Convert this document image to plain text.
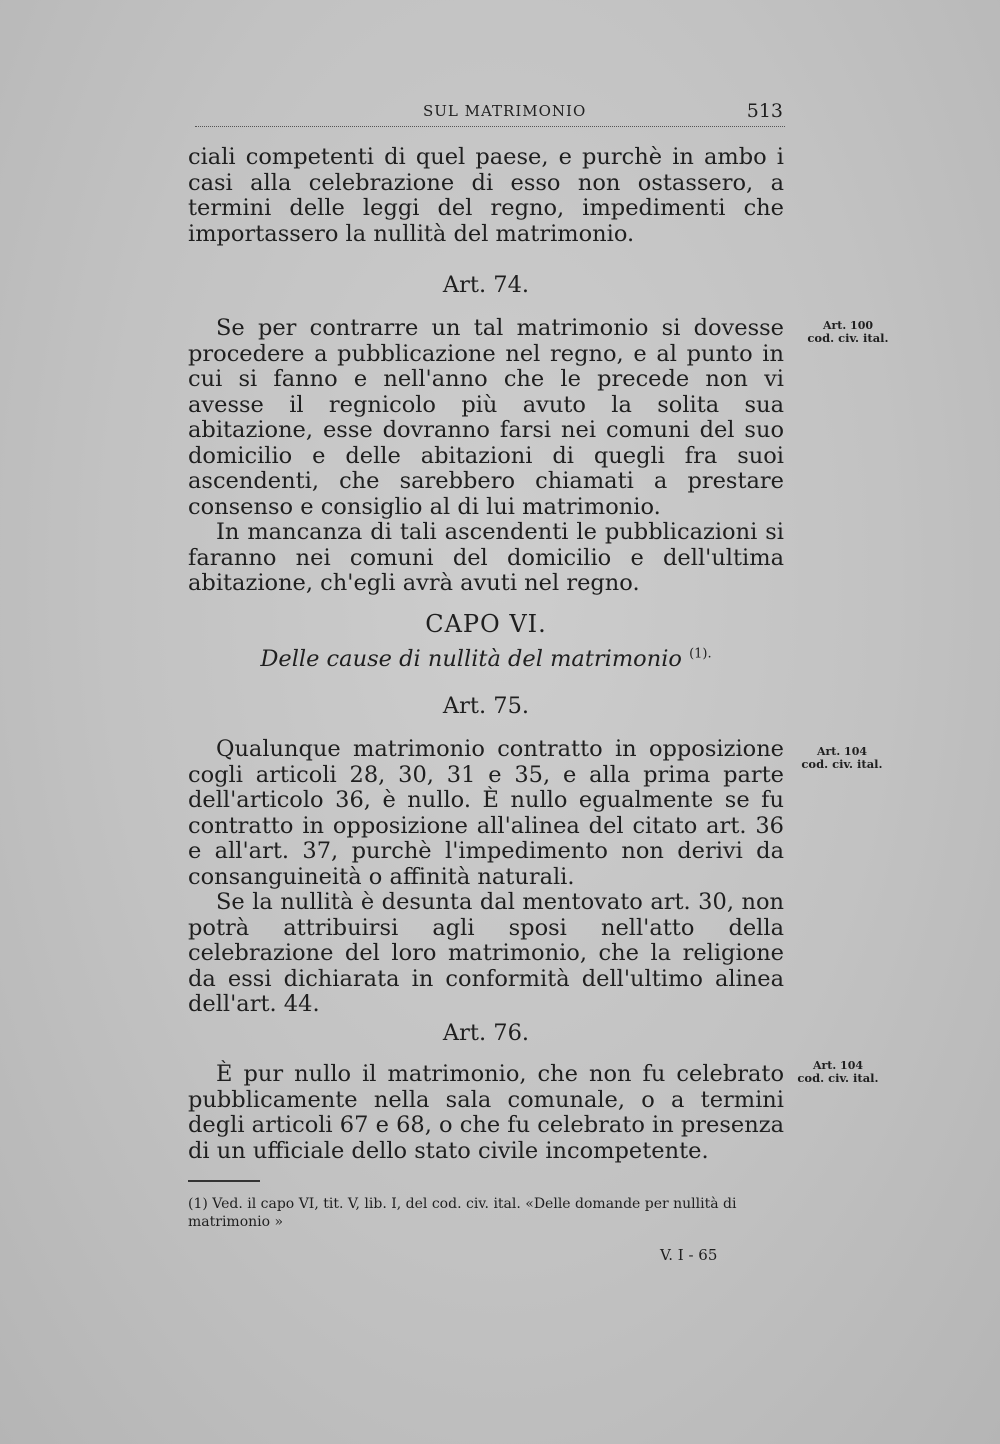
SUL MATRIMONIO	513

ciali competenti di quel paese, e purchè in ambo i casi alla celebrazione di esso non ostassero, a termini delle leggi del regno, impedimenti che importassero la nullità del matrimonio.

Art. 74.
Art. 100
cod. civ. ital.

Se per contrarre un tal matrimonio si dovesse procedere a pubblicazione nel regno, e al punto in cui si fanno e nell'anno che le precede non vi avesse il regnicolo più avuto la solita sua abitazione, esse dovranno farsi nei comuni del suo domicilio e delle abitazioni di quegli fra suoi ascendenti, che sarebbero chiamati a prestare consenso e consiglio al di lui matrimonio.

In mancanza di tali ascendenti le pubblicazioni si faranno nei comuni del domicilio e dell'ultima abitazione, ch'egli avrà avuti nel regno.

CAPO VI.
Delle cause di nullità del matrimonio $^{(1).}$
Art. 75.
Art. 104
cod. civ. ital.

Qualunque matrimonio contratto in opposizione cogli articoli 28, 30, 31 e 35, e alla prima parte dell'articolo 36, è nullo. È nullo egualmente se fu contratto in opposizione all'alinea del citato art. 36 e all'art. 37, purchè l'impedimento non derivi da consanguineità o affinità naturali.

Se la nullità è desunta dal mentovato art. 30, non potrà attribuirsi agli sposi nell'atto della celebrazione del loro matrimonio, che la religione da essi dichiarata in conformità dell'ultimo alinea dell'art. 44.

Art. 76.
Art. 104
cod. civ. ital.

È pur nullo il matrimonio, che non fu celebrato pubblicamente nella sala comunale, o a termini degli articoli 67 e 68, o che fu celebrato in presenza di un ufficiale dello stato civile incompetente.

(1) Ved. il capo VI, tit. V, lib. I, del cod. civ. ital. «Delle domande per nullità di matrimonio »
V. I - 65
